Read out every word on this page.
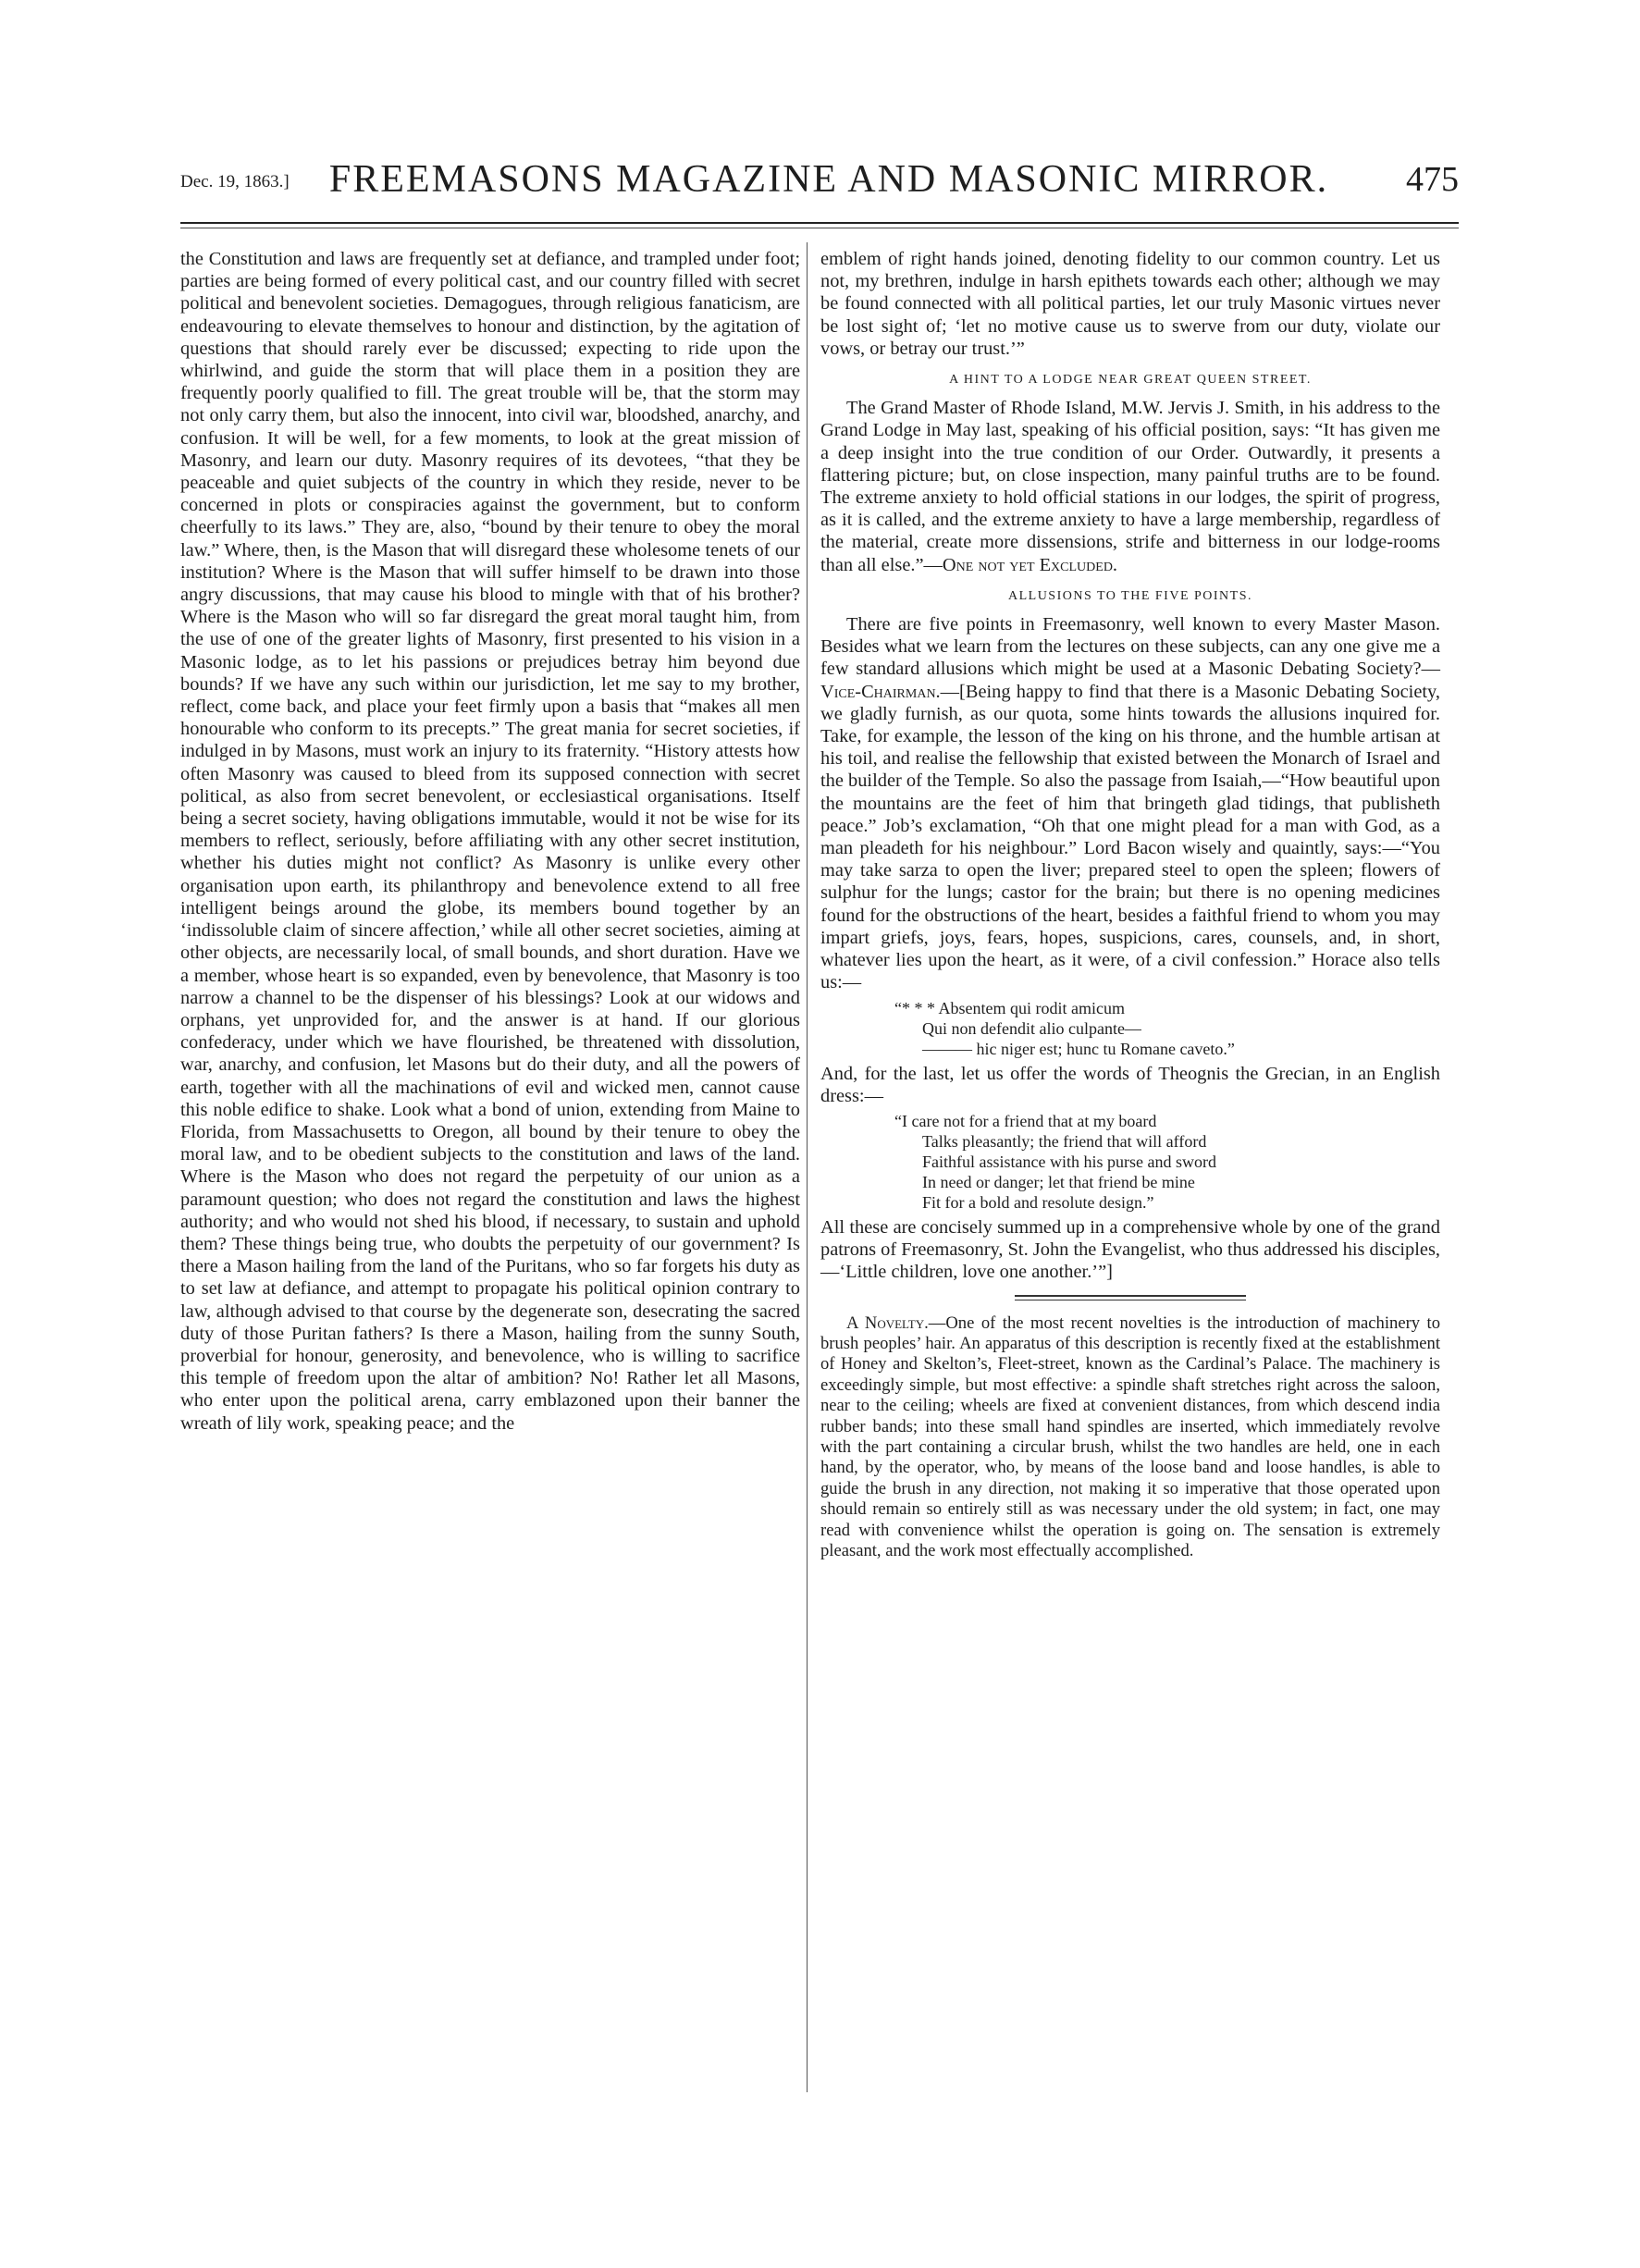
Dec. 19, 1863.]	FREEMASONS MAGAZINE AND MASONIC MIRROR.	475

the Constitution and laws are frequently set at defiance, and trampled under foot; parties are being formed of every political cast, and our country filled with secret political and benevolent societies. Demagogues, through religious fanaticism, are endeavouring to elevate themselves to honour and distinction, by the agitation of questions that should rarely ever be discussed; expecting to ride upon the whirlwind, and guide the storm that will place them in a position they are frequently poorly qualified to fill. The great trouble will be, that the storm may not only carry them, but also the innocent, into civil war, bloodshed, anarchy, and confusion. It will be well, for a few moments, to look at the great mission of Masonry, and learn our duty. Masonry requires of its devotees, “that they be peaceable and quiet subjects of the country in which they reside, never to be concerned in plots or conspiracies against the government, but to conform cheerfully to its laws.” They are, also, “bound by their tenure to obey the moral law.” Where, then, is the Mason that will disregard these wholesome tenets of our institution? Where is the Mason that will suffer himself to be drawn into those angry discussions, that may cause his blood to mingle with that of his brother? Where is the Mason who will so far disregard the great moral taught him, from the use of one of the greater lights of Masonry, first presented to his vision in a Masonic lodge, as to let his passions or prejudices betray him beyond due bounds? If we have any such within our jurisdiction, let me say to my brother, reflect, come back, and place your feet firmly upon a basis that “makes all men honourable who conform to its precepts.” The great mania for secret societies, if indulged in by Masons, must work an injury to its fraternity. “History attests how often Masonry was caused to bleed from its supposed connection with secret political, as also from secret benevolent, or ecclesiastical organisations. Itself being a secret society, having obligations immutable, would it not be wise for its members to reflect, seriously, before affiliating with any other secret institution, whether his duties might not conflict? As Masonry is unlike every other organisation upon earth, its philanthropy and benevolence extend to all free intelligent beings around the globe, its members bound together by an ‘indissoluble claim of sincere affection,’ while all other secret societies, aiming at other objects, are necessarily local, of small bounds, and short duration. Have we a member, whose heart is so expanded, even by benevolence, that Masonry is too narrow a channel to be the dispenser of his blessings? Look at our widows and orphans, yet unprovided for, and the answer is at hand. If our glorious confederacy, under which we have flourished, be threatened with dissolution, war, anarchy, and confusion, let Masons but do their duty, and all the powers of earth, together with all the machinations of evil and wicked men, cannot cause this noble edifice to shake. Look what a bond of union, extending from Maine to Florida, from Massachusetts to Oregon, all bound by their tenure to obey the moral law, and to be obedient subjects to the constitution and laws of the land. Where is the Mason who does not regard the perpetuity of our union as a paramount question; who does not regard the constitution and laws the highest authority; and who would not shed his blood, if necessary, to sustain and uphold them? These things being true, who doubts the perpetuity of our government? Is there a Mason hailing from the land of the Puritans, who so far forgets his duty as to set law at defiance, and attempt to propagate his political opinion contrary to law, although advised to that course by the degenerate son, desecrating the sacred duty of those Puritan fathers? Is there a Mason, hailing from the sunny South, proverbial for honour, generosity, and benevolence, who is willing to sacrifice this temple of freedom upon the altar of ambition? No! Rather let all Masons, who enter upon the political arena, carry emblazoned upon their banner the wreath of lily work, speaking peace; and the

emblem of right hands joined, denoting fidelity to our common country. Let us not, my brethren, indulge in harsh epithets towards each other; although we may be found connected with all political parties, let our truly Masonic virtues never be lost sight of; ‘let no motive cause us to swerve from our duty, violate our vows, or betray our trust.’”

A HINT TO A LODGE NEAR GREAT QUEEN STREET.

The Grand Master of Rhode Island, M.W. Jervis J. Smith, in his address to the Grand Lodge in May last, speaking of his official position, says: “It has given me a deep insight into the true condition of our Order. Outwardly, it presents a flattering picture; but, on close inspection, many painful truths are to be found. The extreme anxiety to hold official stations in our lodges, the spirit of progress, as it is called, and the extreme anxiety to have a large membership, regardless of the material, create more dissensions, strife and bitterness in our lodge-rooms than all else.”—One not yet Excluded.

ALLUSIONS TO THE FIVE POINTS.

There are five points in Freemasonry, well known to every Master Mason. Besides what we learn from the lectures on these subjects, can any one give me a few standard allusions which might be used at a Masonic Debating Society?—Vice-Chairman.—[Being happy to find that there is a Masonic Debating Society, we gladly furnish, as our quota, some hints towards the allusions inquired for. Take, for example, the lesson of the king on his throne, and the humble artisan at his toil, and realise the fellowship that existed between the Monarch of Israel and the builder of the Temple. So also the passage from Isaiah,—“How beautiful upon the mountains are the feet of him that bringeth glad tidings, that publisheth peace.” Job’s exclamation, “Oh that one might plead for a man with God, as a man pleadeth for his neighbour.” Lord Bacon wisely and quaintly, says:—“You may take sarza to open the liver; prepared steel to open the spleen; flowers of sulphur for the lungs; castor for the brain; but there is no opening medicines found for the obstructions of the heart, besides a faithful friend to whom you may impart griefs, joys, fears, hopes, suspicions, cares, counsels, and, in short, whatever lies upon the heart, as it were, of a civil confession.” Horace also tells us:—

“* * * Absentem qui rodit amicum
Qui non defendit alio culpante—
——— hic niger est; hunc tu Romane caveto.”

And, for the last, let us offer the words of Theognis the Grecian, in an English dress:—

“I care not for a friend that at my board
Talks pleasantly; the friend that will afford
Faithful assistance with his purse and sword
In need or danger; let that friend be mine
Fit for a bold and resolute design.”

All these are concisely summed up in a comprehensive whole by one of the grand patrons of Freemasonry, St. John the Evangelist, who thus addressed his disciples,—‘Little children, love one another.’”]

A Novelty.—One of the most recent novelties is the introduction of machinery to brush peoples’ hair. An apparatus of this description is recently fixed at the establishment of Honey and Skelton’s, Fleet-street, known as the Cardinal’s Palace. The machinery is exceedingly simple, but most effective: a spindle shaft stretches right across the saloon, near to the ceiling; wheels are fixed at convenient distances, from which descend india rubber bands; into these small hand spindles are inserted, which immediately revolve with the part containing a circular brush, whilst the two handles are held, one in each hand, by the operator, who, by means of the loose band and loose handles, is able to guide the brush in any direction, not making it so imperative that those operated upon should remain so entirely still as was necessary under the old system; in fact, one may read with convenience whilst the operation is going on. The sensation is extremely pleasant, and the work most effectually accomplished.
